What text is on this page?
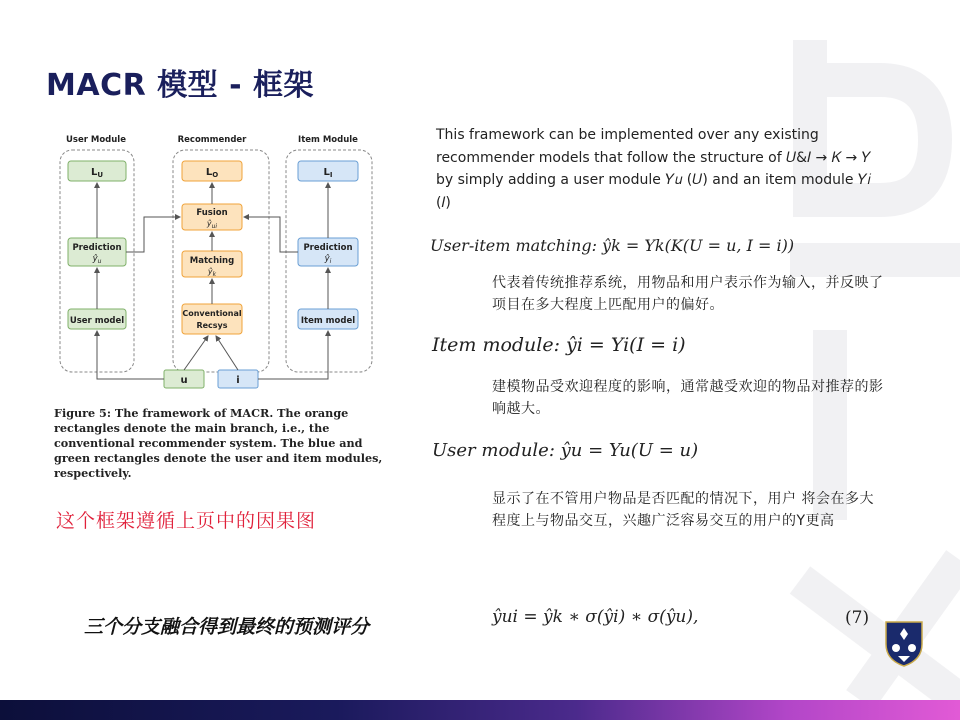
MACR 模型 - 框架
User Module	Recommender	Item Module
$L_U$
Prediction
$ŷ_u$
User model
$L_O$
Fusion
$ŷ_{ui}$
Matching
$ŷ_k$
Conventional
Recsys
$L_I$
Prediction
$ŷ_i$
Item model
u	i
Figure 5: The framework of MACR. The orange rectangles denote the main branch, i.e., the conventional recommender system. The blue and green rectangles denote the user and item modules, respectively.
This framework can be implemented over any existing recommender models that follow the structure of 𝑈&𝐼 → 𝐾 → 𝑌 by simply adding a user module 𝑌𝑢 (𝑈) and an item module 𝑌𝑖 (𝐼)
User-item matching: ŷk = Yk(K(U = u, I = i))
代表着传统推荐系统，用物品和用户表示作为输入，并反映了项目在多大程度上匹配用户的偏好。
Item module: ŷi = Yi(I = i)
建模物品受欢迎程度的影响，通常越受欢迎的物品对推荐的影响越大。
User module: ŷu = Yu(U = u)
显示了在不管用户物品是否匹配的情况下，用户 将会在多大程度上与物品交互，兴趣广泛容易交互的用户的Y更高
这个框架遵循上页中的因果图
三个分支融合得到最终的预测评分	ŷui = ŷk ∗ σ(ŷi) ∗ σ(ŷu),	(7)
